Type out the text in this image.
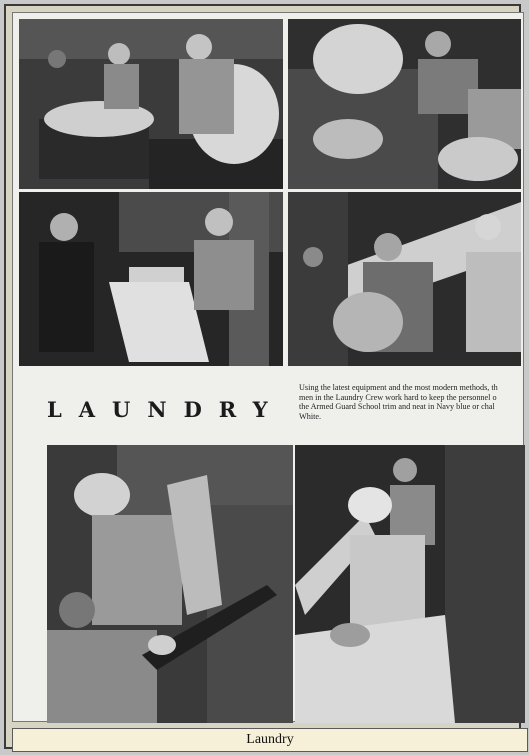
LAUNDRY
Using the latest equipment and the most modern methods, th
men in the Laundry Crew work hard to keep the personnel o
the Armed Guard School trim and neat in Navy blue or chal
White.
Laundry
